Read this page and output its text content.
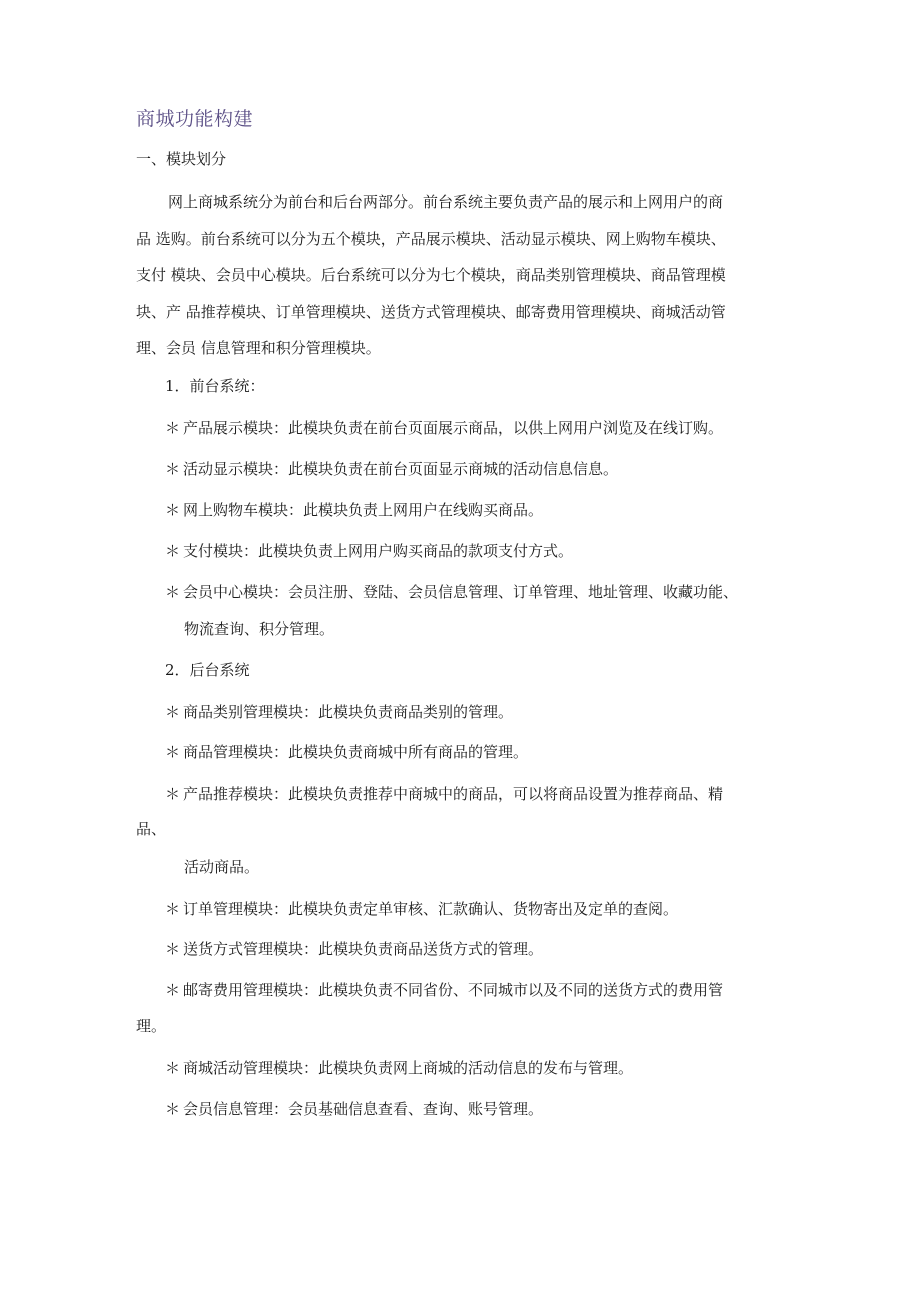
商城功能构建
一、模块划分
网上商城系统分为前台和后台两部分。前台系统主要负责产品的展示和上网用户的商
品 选购。前台系统可以分为五个模块，产品展示模块、活动显示模块、网上购物车模块、
支付 模块、会员中心模块。后台系统可以分为七个模块，商品类别管理模块、商品管理模
块、产 品推荐模块、订单管理模块、送货方式管理模块、邮寄费用管理模块、商城活动管
理、会员 信息管理和积分管理模块。
1．前台系统：
＊ 产品展示模块：此模块负责在前台页面展示商品，以供上网用户浏览及在线订购。
＊ 活动显示模块：此模块负责在前台页面显示商城的活动信息信息。
＊ 网上购物车模块：此模块负责上网用户在线购买商品。
＊ 支付模块：此模块负责上网用户购买商品的款项支付方式。
＊ 会员中心模块：会员注册、登陆、会员信息管理、订单管理、地址管理、收藏功能、
物流查询、积分管理。
2．后台系统
＊ 商品类别管理模块：此模块负责商品类别的管理。
＊ 商品管理模块：此模块负责商城中所有商品的管理。
＊ 产品推荐模块：此模块负责推荐中商城中的商品，可以将商品设置为推荐商品、精
品、
活动商品。
＊ 订单管理模块：此模块负责定单审核、汇款确认、货物寄出及定单的查阅。
＊ 送货方式管理模块：此模块负责商品送货方式的管理。
＊ 邮寄费用管理模块：此模块负责不同省份、不同城市以及不同的送货方式的费用管
理。
＊ 商城活动管理模块：此模块负责网上商城的活动信息的发布与管理。
＊ 会员信息管理：会员基础信息查看、查询、账号管理。
